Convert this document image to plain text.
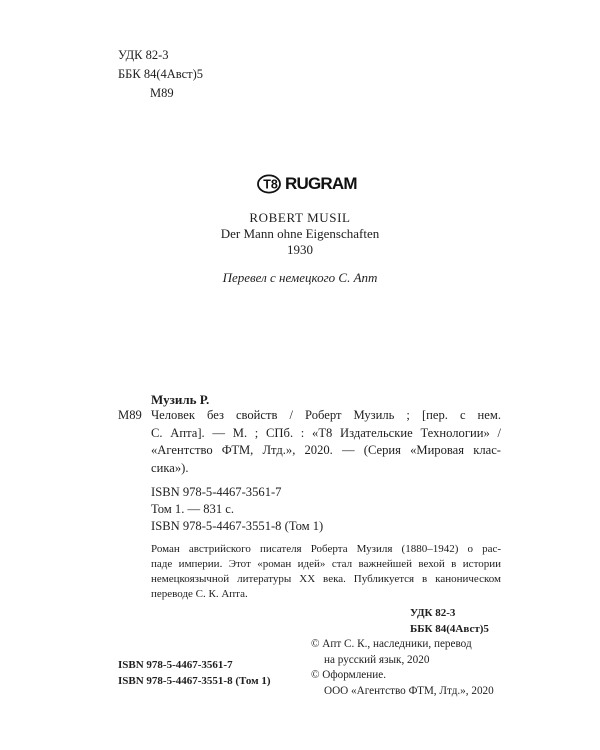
УДК 82-3
ББК 84(4Авст)5
М89
T8 RUGRAM
ROBERT MUSIL
Der Mann ohne Eigenschaften
1930
Перевел с немецкого С. Апт
Музиль Р.
М89 Человек без свойств / Роберт Музиль ; [пер. с нем.
С. Апта]. — М. ; СПб. : «Т8 Издательские Технологии» /
«Агентство ФТМ, Лтд.», 2020. — (Серия «Мировая клас-
сика»).
ISBN 978-5-4467-3561-7
Том 1. — 831 с.
ISBN 978-5-4467-3551-8 (Том 1)
Роман австрийского писателя Роберта Музиля (1880–1942) о рас-
паде империи. Этот «роман идей» стал важнейшей вехой в истории
немецкоязычной литературы XX века. Публикуется в каноническом
переводе С. К. Апта.
УДК 82-3
ББК 84(4Авст)5
© Апт С. К., наследники, перевод
на русский язык, 2020
© Оформление.
ООО «Агентство ФТМ, Лтд.», 2020
ISBN 978-5-4467-3561-7
ISBN 978-5-4467-3551-8 (Том 1)
